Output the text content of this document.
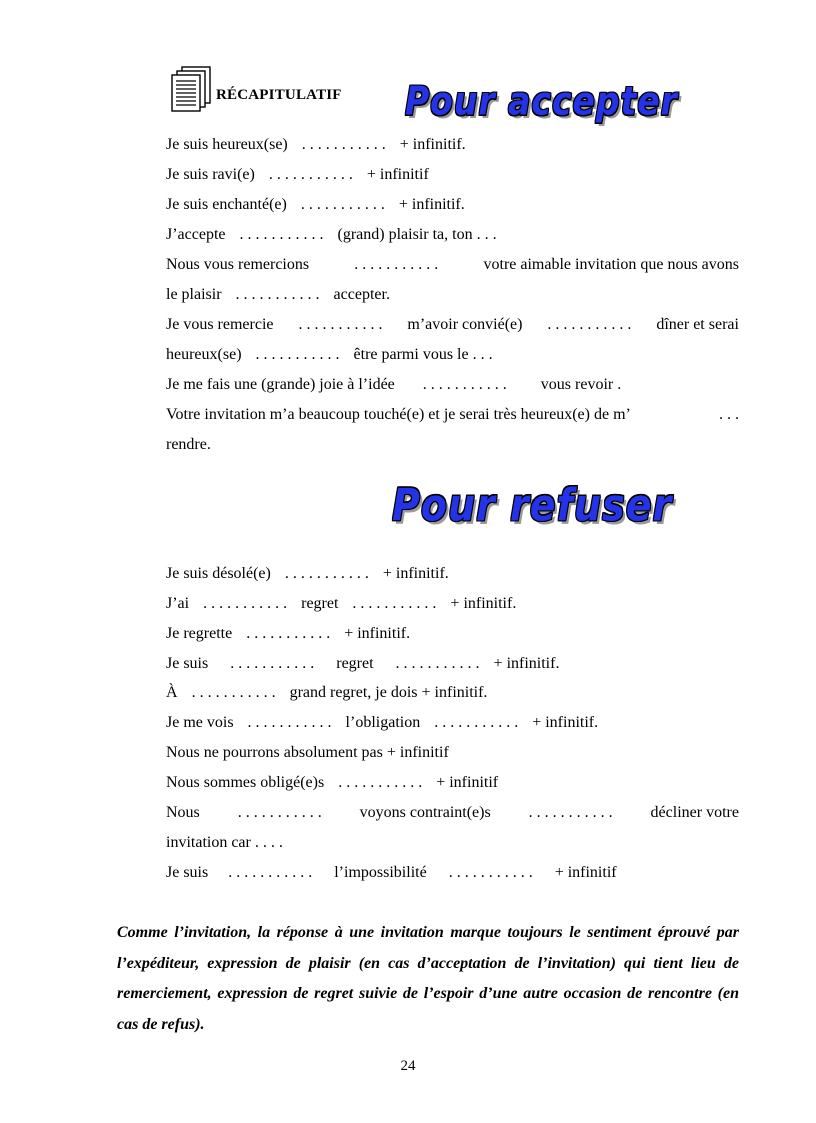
RÉCAPITULATIF Pour accepter
Je suis heureux(se) . . . . . . . . . . . + infinitif.
Je suis ravi(e) . . . . . . . . . . . + infinitif
Je suis enchanté(e) . . . . . . . . . . . + infinitif.
J’accepte . . . . . . . . . . . (grand) plaisir ta, ton . . .
Nous vous remercions	. . . . . . . . . . .	votre aimable invitation que nous avons
le plaisir . . . . . . . . . . . accepter.
Je vous remercie . . . . . . . . . . . m’avoir convié(e) . . . . . . . . . . . dîner et serai
heureux(se) . . . . . . . . . . . être parmi vous le . . .
Je me fais une (grande) joie à l’idée . . . . . . . . . . . vous revoir .
Votre invitation m’a beaucoup touché(e) et je serai très heureux(e) de m’	. . .
rendre.
Pour refuser
Je suis désolé(e) . . . . . . . . . . . + infinitif.
J’ai . . . . . . . . . . . regret . . . . . . . . . . . + infinitif.
Je regrette . . . . . . . . . . . + infinitif.
Je suis . . . . . . . . . . . regret . . . . . . . . . . . + infinitif.
À . . . . . . . . . . . grand regret, je dois + infinitif.
Je me vois . . . . . . . . . . . l’obligation . . . . . . . . . . . + infinitif.
Nous ne pourrons absolument pas + infinitif
Nous sommes obligé(e)s . . . . . . . . . . . + infinitif
Nous . . . . . . . . . . . voyons contraint(e)s . . . . . . . . . . . décliner votre
invitation car . . . .
Je suis . . . . . . . . . . . l’impossibilité . . . . . . . . . . . + infinitif
Comme l’invitation, la réponse à une invitation marque toujours le sentiment éprouvé par l’expéditeur, expression de plaisir (en cas d’acceptation de l’invitation) qui tient lieu de remerciement, expression de regret suivie de l’espoir d’une autre occasion de rencontre (en cas de refus).
24
